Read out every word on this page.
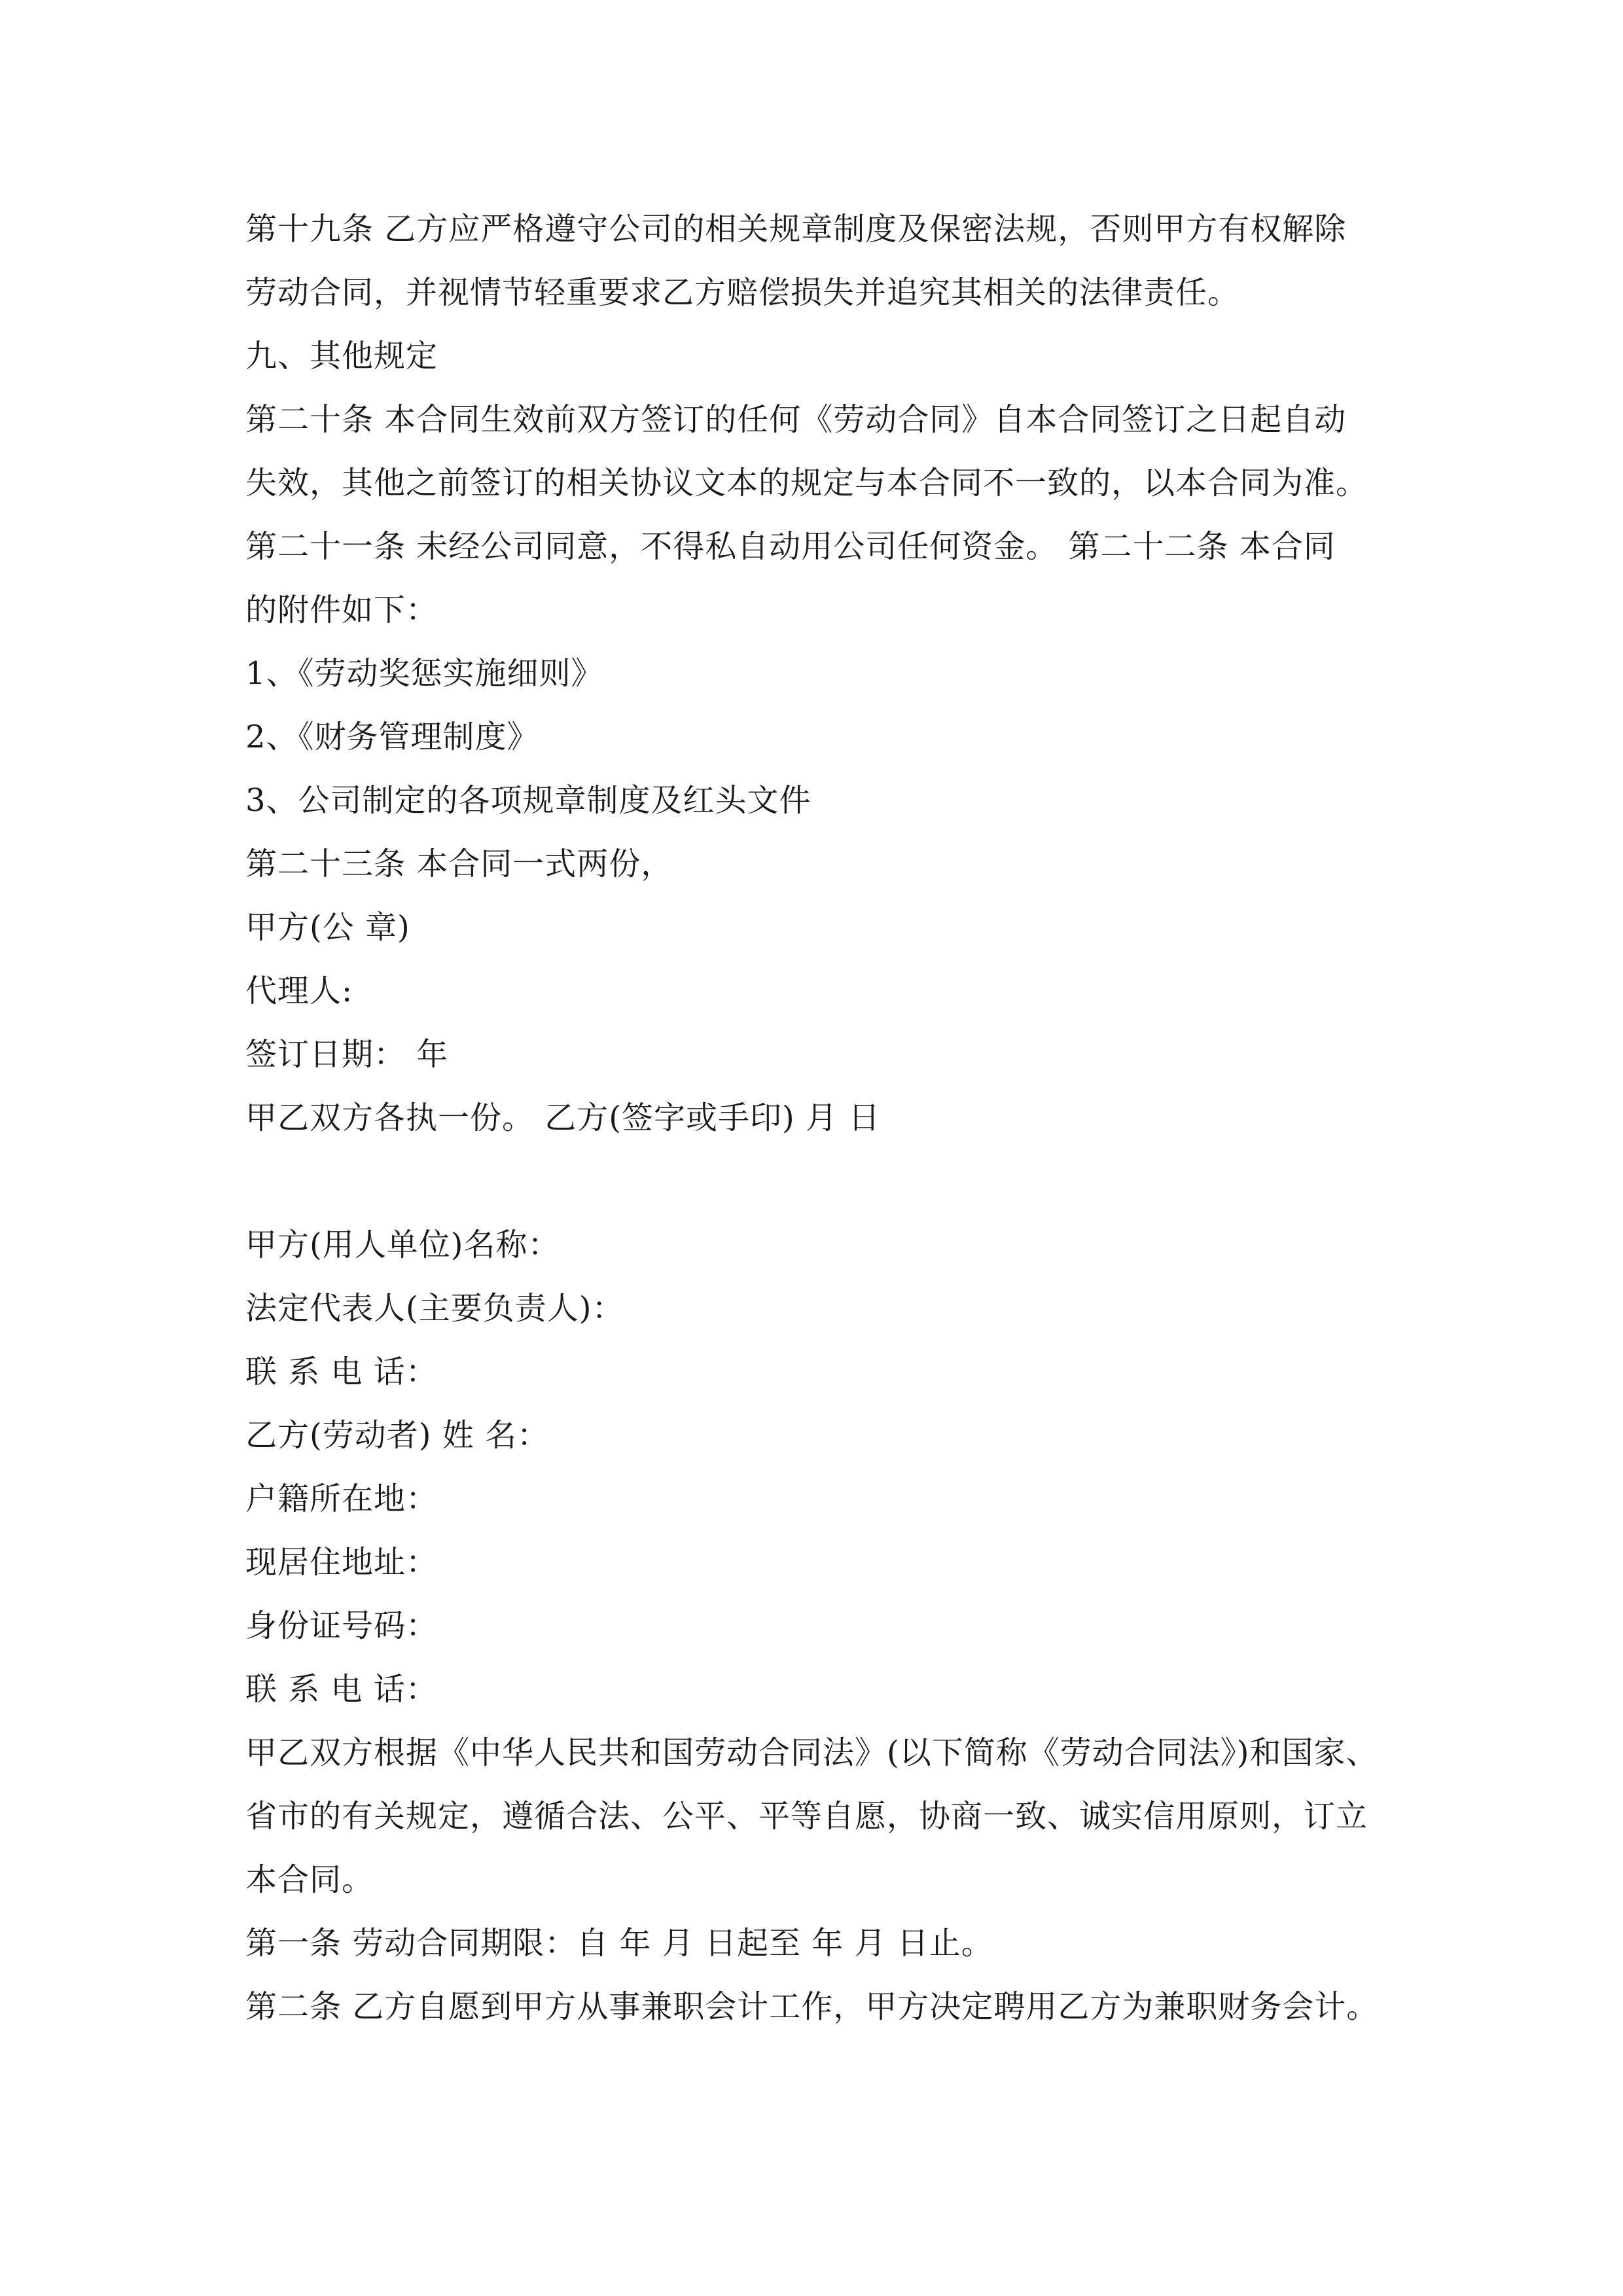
第十九条 乙方应严格遵守公司的相关规章制度及保密法规，否则甲方有权解除
劳动合同，并视情节轻重要求乙方赔偿损失并追究其相关的法律责任。
九、其他规定
第二十条 本合同生效前双方签订的任何《劳动合同》自本合同签订之日起自动
失效，其他之前签订的相关协议文本的规定与本合同不一致的，以本合同为准。
第二十一条 未经公司同意，不得私自动用公司任何资金。 第二十二条 本合同
的附件如下：
1、《劳动奖惩实施细则》
2、《财务管理制度》
3、公司制定的各项规章制度及红头文件
第二十三条 本合同一式两份，
甲方(公 章)
代理人:
签订日期： 年
甲乙双方各执一份。 乙方(签字或手印) 月 日
甲方(用人单位)名称：
法定代表人(主要负责人)：
联 系 电 话：
乙方(劳动者) 姓 名：
户籍所在地：
现居住地址：
身份证号码：
联 系 电 话：
甲乙双方根据《中华人民共和国劳动合同法》(以下简称《劳动合同法》)和国家、
省市的有关规定，遵循合法、公平、平等自愿，协商一致、诚实信用原则，订立
本合同。
第一条 劳动合同期限：自 年 月 日起至 年 月 日止。
第二条 乙方自愿到甲方从事兼职会计工作，甲方决定聘用乙方为兼职财务会计。
